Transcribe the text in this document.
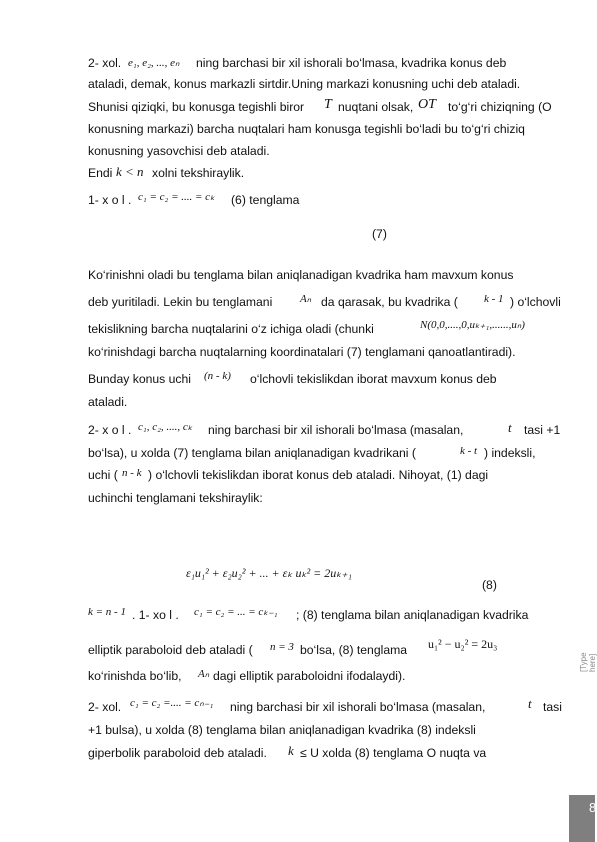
2- xol. e₁, e₂, ..., eₙ ning barchasi bir xil ishorali bo‘lmasa, kvadrika konus deb
ataladi, demak, konus markazli sirtdir.Uning markazi konusning uchi deb ataladi.
Shunisi qiziqki, bu konusga tegishli biror T nuqtani olsak, OT to‘g‘ri chiziqning (O
konusning markazi) barcha nuqtalari ham konusga tegishli bo‘ladi bu to‘g‘ri chiziq
konusning yasovchisi deb ataladi.
Endi k < n xolni tekshiraylik.
1- x o l . c₁ = c₂ = .... = cₖ (6) tenglama
(7)
Ko‘rinishni oladi bu tenglama bilan aniqlanadigan kvadrika ham mavxum konus
deb yuritiladi. Lekin bu tenglamani	Aₙ da qarasak, bu kvadrika ( k - 1 ) o‘lchovli
tekislikning barcha nuqtalarini o‘z ichiga oladi (chunki	N(0,0,....,0,uₖ₊₁,......,uₙ)
ko‘rinishdagi barcha nuqtalarning koordinatalari (7) tenglamani qanoatlantiradi).
Bunday konus uchi (n - k) o‘lchovli tekislikdan iborat mavxum konus deb
ataladi.
2- x o l . c₁, c₂, ...., cₖ ning barchasi bir xil ishorali bo‘lmasa (masalan,	t tasi +1
bo‘lsa), u xolda (7) tenglama bilan aniqlanadigan kvadrikani (	k - t ) indeksli,
uchi ( n - k ) o‘lchovli tekislikdan iborat konus deb ataladi. Nihoyat, (1) dagi
uchinchi tenglamani tekshiraylik:
ε₁u₁² + ε₂u₂² + ... + εₖ uₖ² = 2uₖ₊₁
(8)
k = n - 1 . 1- xo l . c₁ = c₂ = ... = cₖ₋₁ ; (8) tenglama bilan aniqlanadigan kvadrika
elliptik paraboloid deb ataladi ( n = 3 bo‘lsa, (8) tenglama u₁² − u₂² = 2u₃
ko‘rinishda bo‘lib, Aₙ dagi elliptik paraboloidni ifodalaydi).
2- xol. c₁ = c₂ =.... = cₙ₋₁ ning barchasi bir xil ishorali bo‘lmasa (masalan,	t tasi
+1 bulsa), u xolda (8) tenglama bilan aniqlanadigan kvadrika (8) indeksli
giperbolik paraboloid deb ataladi. k ≤ U xolda (8) tenglama O nuqta va
[Type here]
8
